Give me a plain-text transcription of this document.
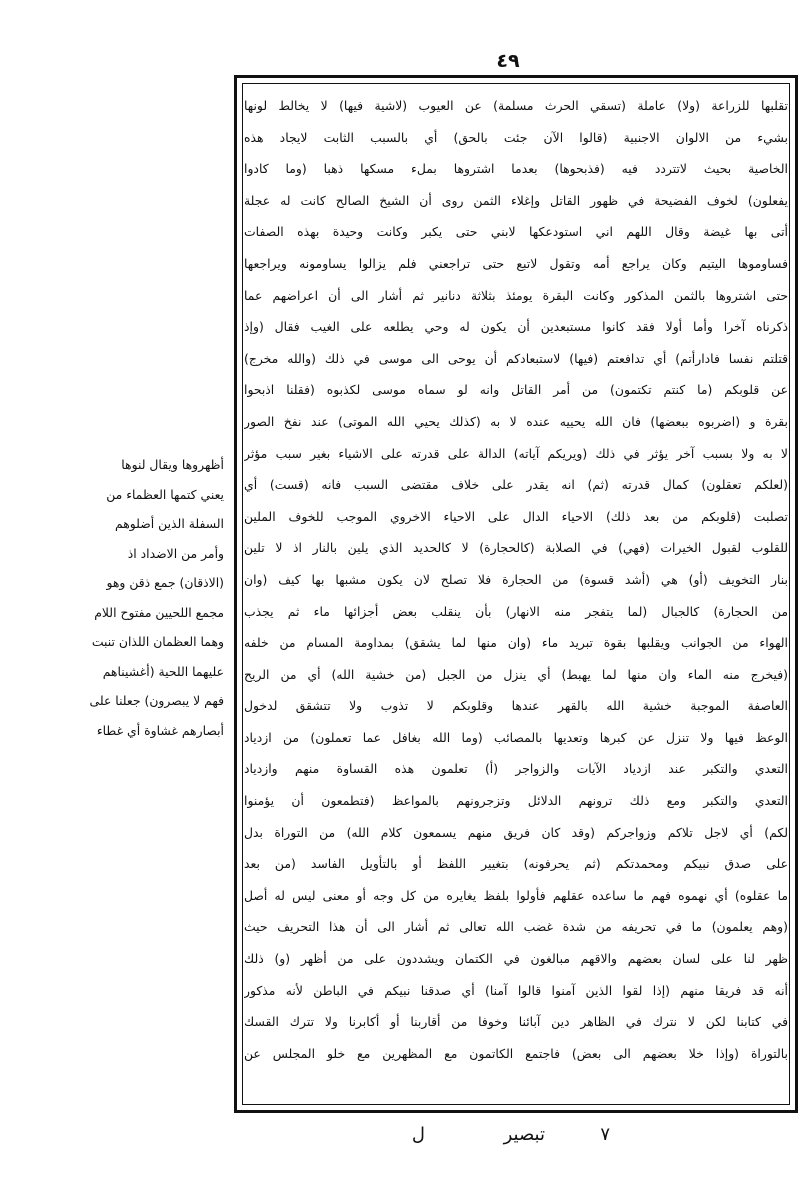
٤٩
تقلبها للزراعة (ولا) عاملة (تسقي الحرث مسلمة) عن العيوب (لاشية فيها) لا يخالط لونها
بشيء من الالوان الاجنبية (قالوا الآن جئت بالحق) أي بالسبب الثابت لايجاد هذه
الخاصية بحيث لاتتردد فيه (فذبحوها) بعدما اشتروها بملء مسكها ذهبا (وما كادوا
يفعلون) لخوف الفضيحة في ظهور القاتل وإغلاء الثمن روى أن الشيخ الصالح كانت له عجلة
أتى بها غيضة وقال اللهم اني استودعكها لابني حتى يكبر وكانت وحيدة بهذه الصفات
فساوموها اليتيم وكان يراجع أمه وتقول لاتبع حتى تراجعني فلم يزالوا يساومونه ويراجعها
حتى اشتروها بالثمن المذكور وكانت البقرة يومئذ بثلاثة دنانير ثم أشار الى أن اعراضهم عما
ذكرناه آخرا وأما أولا فقد كانوا مستبعدين أن يكون له وحي يطلعه على الغيب فقال (وإذ
قتلتم نفسا فادارأتم) أي تدافعتم (فيها) لاستبعادكم أن يوحى الى موسى في ذلك (والله مخرج)
عن قلوبكم (ما كنتم تكتمون) من أمر القاتل وانه لو سماه موسى لكذبوه (فقلنا اذبحوا
بقرة و (اضربوه ببعضها) فان الله يحييه عنده لا به (كذلك يحيي الله الموتى) عند نفخ الصور
لا به ولا بسبب آخر يؤثر في ذلك (ويريكم آياته) الدالة على قدرته على الاشياء بغير سبب مؤثر
(لعلكم تعقلون) كمال قدرته (ثم) انه يقدر على خلاف مقتضى السبب فانه (قست) أي
تصلبت (قلوبكم من بعد ذلك) الاحياء الدال على الاحياء الاخروي الموجب للخوف الملين
للقلوب لقبول الخيرات (فهي) في الصلابة (كالحجارة) لا كالحديد الذي يلين بالنار اذ لا تلين
بنار التخويف (أو) هي (أشد قسوة) من الحجارة فلا تصلح لان يكون مشبها بها كيف (وان
من الحجارة) كالجبال (لما يتفجر منه الانهار) بأن ينقلب بعض أجزائها ماء ثم يجذب
الهواء من الجوانب ويقلبها بقوة تبريد ماء (وان منها لما يشقق) بمداومة المسام من خلفه
(فيخرج منه الماء وان منها لما يهبط) أي ينزل من الجبل (من خشية الله) أي من الريح
العاصفة الموجبة خشية الله بالقهر عندها وقلوبكم لا تذوب ولا تتشقق لدخول
الوعظ فيها ولا تنزل عن كبرها وتعديها بالمصائب (وما الله بغافل عما تعملون) من ازدياد
التعدي والتكبر عند ازدياد الآيات والزواجر (أ) تعلمون هذه القساوة منهم وازدياد
التعدي والتكبر ومع ذلك ترونهم الدلائل وتزجرونهم بالمواعظ (فتطمعون أن يؤمنوا
لكم) أي لاجل تلاكم وزواجركم (وقد كان فريق منهم يسمعون كلام الله) من التوراة بدل
على صدق نبيكم ومحمدتكم (ثم يحرفونه) بتغيير اللفظ أو بالتأويل الفاسد (من بعد
ما عقلوه) أي نهموه فهم ما ساعده عقلهم فأولوا بلفظ يغايره من كل وجه أو معنى ليس له أصل
(وهم يعلمون) ما في تحريفه من شدة غضب الله تعالى ثم أشار الى أن هذا التحريف حيث
ظهر لنا على لسان بعضهم والاقهم مبالغون في الكتمان ويشددون على من أظهر (و) ذلك
أنه قد فريقا منهم (إذا لقوا الذين آمنوا قالوا آمنا) أي صدقنا نبيكم في الباطن لأنه مذكور
في كتابنا لكن لا نترك في الظاهر دين آبائنا وخوفا من أقاربنا أو أكابرنا ولا تترك القسك
بالتوراة (وإذا خلا بعضهم الى بعض) فاجتمع الكاتمون مع المظهرين مع خلو المجلس عن
أظهروها ويقال لنوها
يعني كتمها العظماء من
السفلة الذين أضلوهم
وأمر من الاضداد اذ
(الاذقان) جمع ذقن وهو
مجمع اللحيين مفتوح اللام
وهما العظمان اللذان تنبت
عليهما اللحية (أغشيناهم
فهم لا يبصرون) جعلنا على
أبصارهم غشاوة أي غطاء
٧
تبصير
ل
